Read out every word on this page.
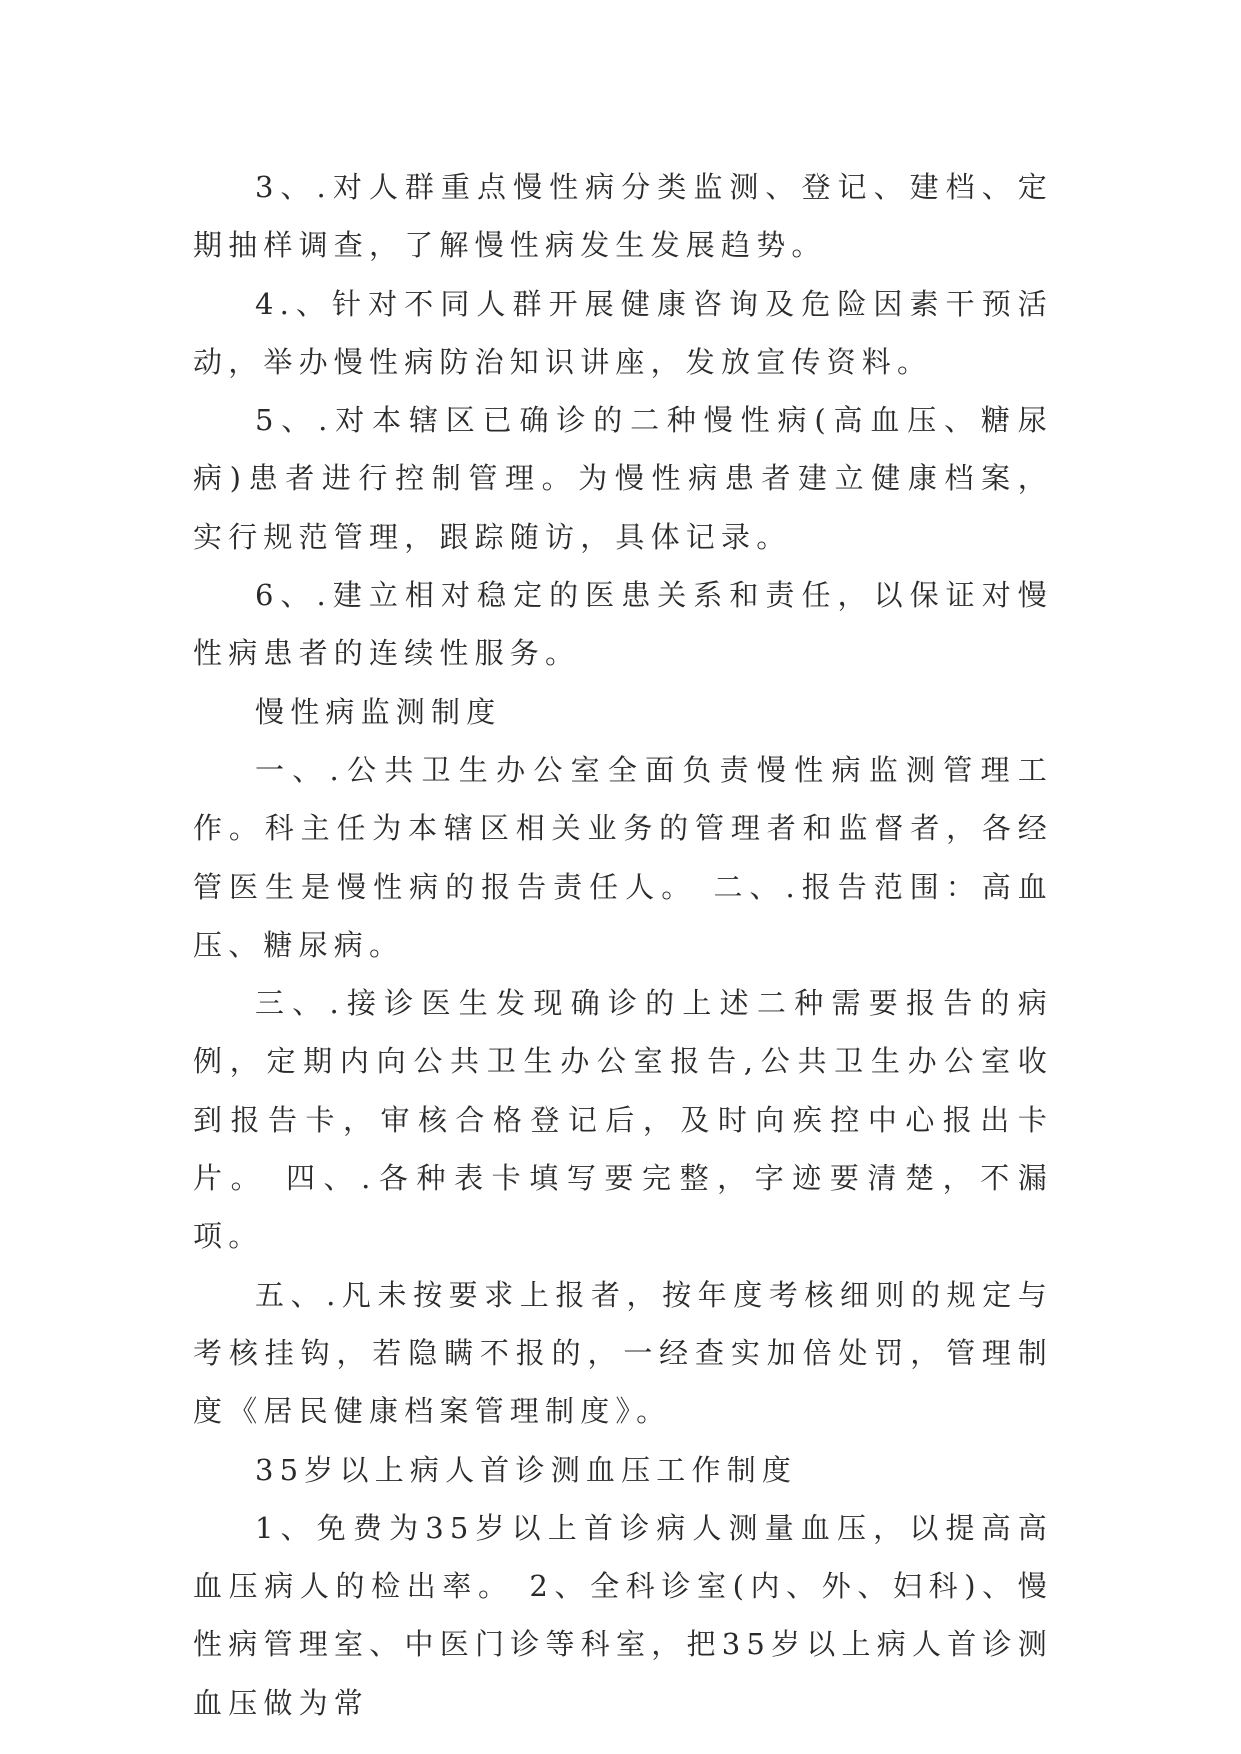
3、.对人群重点慢性病分类监测、登记、建档、定期抽样调查，了解慢性病发生发展趋势。

4.、针对不同人群开展健康咨询及危险因素干预活动，举办慢性病防治知识讲座，发放宣传资料。

5、.对本辖区已确诊的二种慢性病(高血压、糖尿病)患者进行控制管理。为慢性病患者建立健康档案，实行规范管理，跟踪随访，具体记录。

6、.建立相对稳定的医患关系和责任，以保证对慢性病患者的连续性服务。

慢性病监测制度

一、.公共卫生办公室全面负责慢性病监测管理工作。科主任为本辖区相关业务的管理者和监督者，各经管医生是慢性病的报告责任人。 二、.报告范围：高血压、糖尿病。

三、.接诊医生发现确诊的上述二种需要报告的病例，定期内向公共卫生办公室报告,公共卫生办公室收到报告卡，审核合格登记后，及时向疾控中心报出卡片。 四、.各种表卡填写要完整，字迹要清楚，不漏项。

五、.凡未按要求上报者，按年度考核细则的规定与考核挂钩，若隐瞒不报的，一经查实加倍处罚，管理制度《居民健康档案管理制度》。

35岁以上病人首诊测血压工作制度

1、免费为35岁以上首诊病人测量血压，以提高高血压病人的检出率。 2、全科诊室(内、外、妇科)、慢性病管理室、中医门诊等科室，把35岁以上病人首诊测血压做为常
